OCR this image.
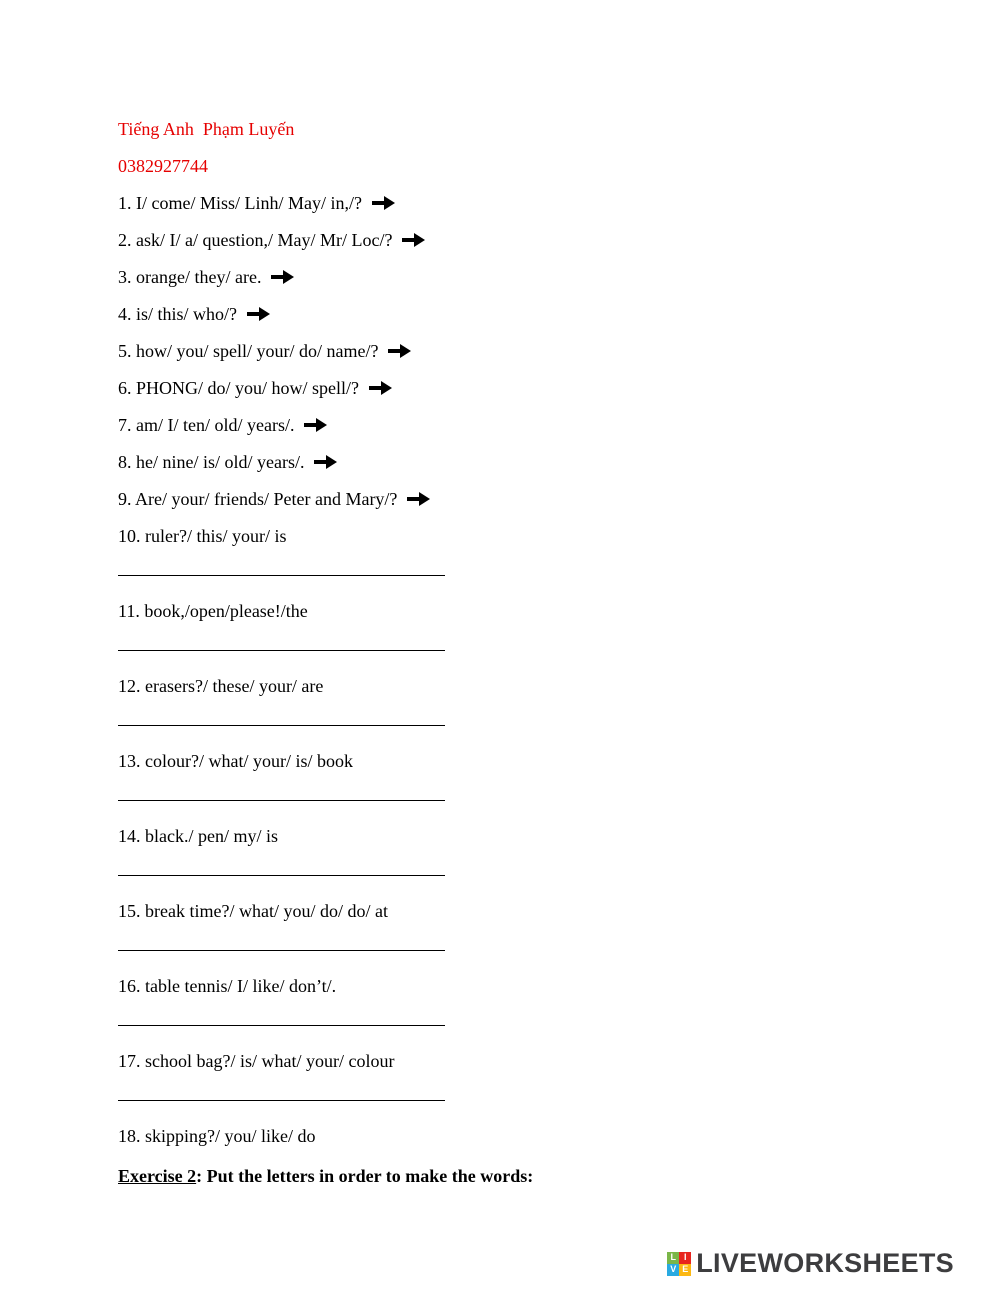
Tiếng Anh  Phạm Luyến
0382927744
1. I/ come/ Miss/ Linh/ May/ in,/?
2. ask/ I/ a/ question,/ May/ Mr/ Loc/?
3. orange/ they/ are.
4. is/ this/ who/?
5. how/ you/ spell/ your/ do/ name/?
6. PHONG/ do/ you/ how/ spell/?
7. am/ I/ ten/ old/ years/.
8. he/ nine/ is/ old/ years/.
9. Are/ your/ friends/ Peter and Mary/?
10. ruler?/ this/ your/ is
11. book,/open/please!/the
12. erasers?/ these/ your/ are
13. colour?/ what/ your/ is/ book
14. black./ pen/ my/ is
15. break time?/ what/ you/ do/ do/ at
16. table tennis/ I/ like/ don’t/.
17. school bag?/ is/ what/ your/ colour
18. skipping?/ you/ like/ do
Exercise 2: Put the letters in order to make the words:
L I
V E LIVEWORKSHEETS
